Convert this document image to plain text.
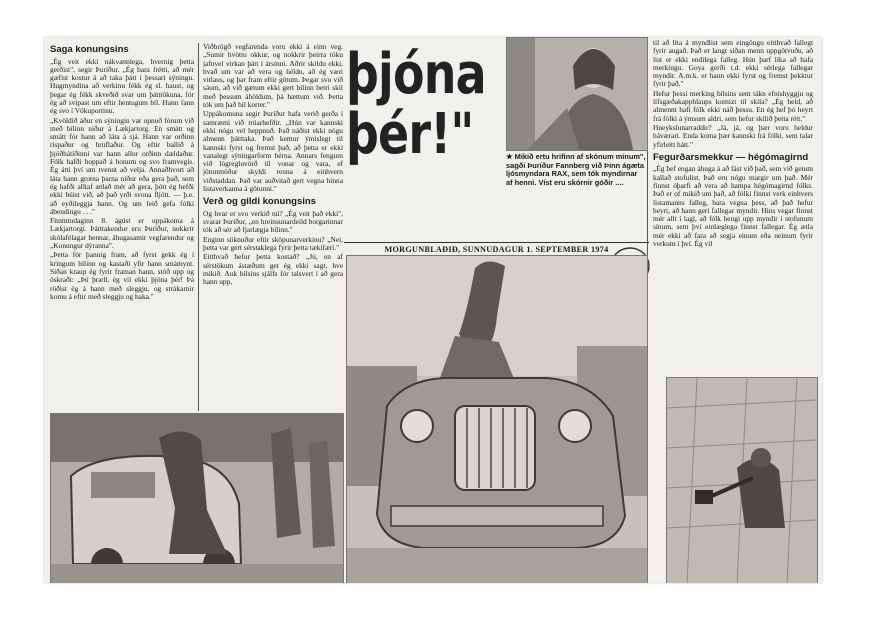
Saga konungsins

„Ég veit ekki nákvæmlega, hvernig þetta gerðist", segir Þuríður. „Ég bara frétti, að mér gæfist kostur á að taka þátt í þessari sýningu. Hugmyndina að verkinu fékk ég sl. haust, og þegar ég fékk skveðið svar um þátttökuna, fór ég að svipast um eftir hentugum bíl. Hann fann ég svo í Vökuportinu.

„Kvöldið áður en sýningin var opnuð fórum við með bílinn niður á Lækjartorg. En smátt og smátt fór hann að láta á sjá. Hann var orðinn rispaður og hruflaður. Og eftir ballið á þjóðhátíðinni var hann allur orðinn dældaður. Fólk hafði hoppað á honum og svo framvegis. Ég átti því um tvennt að velja. Annaðhvort að láta hann grotna þarna niður eða gera það, sem ég hafði alltaf ætlað mér að gera, þótt ég hefði ekki búist við, að það yrði svona fljótt. — þ.e. að eyðileggja hann. Og um leið gefa fólki ábendingu . . ."

Fimmtudaginn 8. ágúst er uppákoma á Lækjartorgi. Þátttakendur eru Þuríður, nokkrir skólafélagar hennar, áhugasamir vegfarendur og „Konungur dýranna".

„Þetta fór þannig fram, að fyrst gekk ég í kringum bílinn og kastaði yfir hann smámynt. Síðan kraup ég fyrir framan hann, stóð upp og öskraði: „Þú þræll, ég vil ekki þjóna þér! Þá röðist ég á hann með sleggju, og strákarnir komu á eftir með sleggju og haka."

Viðbrögð vegfarenda voru ekki á einn veg. „Sumir hvöttu okkur, og nokkrir þeirra tóku jafnvel virkan þátt í ársinni. Aðrir skildu ekki, hvað um var að vera og héldu, að ég væri vitlaus, og þar fram eftir götum. Þegar svo við sáum, að við gætum ekki gert bílinn betri skil með þessum áhöldum, þá hættum við. Þetta tók um það bil korter."

Uppákomuna segir Þuríður hafa verið gerða í samræmi við trúarhefðir. „Hún var kannski ekki nógu vel heppnuð. Það náðist ekki nógu almenn þátttaka. Það kemur ýmislegt til kannski fyrst og fremst það, að þetta er ekki vanalegt sýningarform hérna. Annars fengum við lögregluvörð til vonar og vara, ef jötunmóður skyldi renna á einhvern viðstaddan. Það var auðvitað gert vegna hinna listaverkanna á götunni."

Verð og gildi konungsins

Og hvar er svo verkið nú? „Ég veit það ekki", svarar Þuríður, „en hreinsunardeild borgarinnar tók að sér að fjarlægja bílinn."

Enginn söknuður eftir sköpunarverkinu? „Nei, þetta var gert sérstaklega fyrir þetta tækifæri."

Eitthvað hefur þetta kostað? „Jú, en af sérstökum ástæðum get ég ekki sagt, hve mikið. Auk bílsins sjálfs fór talsvert í að gera hann upp,

þjóna
þér!"	★ Mikið ertu hrifinn af skónum mínum", sagði Þuríður Fannberg við Þinn ágæta ljósmyndara RAX, sem tók myndirnar af henni. Víst eru skórnir góðir ....
MORGUNBLAÐIÐ, SUNNUDAGUR 1. SEPTEMBER 1974

til að líta á myndlist sem eingöngu eitthvað fallegt fyrir augað. Það er langt síðan menn uppgötvuðu, að list er ekki endilega falleg. Hún þarf líka að hafa merkingu. Goya gerði t.d. ekki sérlega fallegar myndir. A.m.k. er hann ekki fyrst og fremst þekktur fyrir það."

Hefur þessi merking bílsins sem tákn efnishyggju og lífsgæðakapphlaups komizt til skila? „Ég held, að almennt hafi fólk ekki náð þessu. En ég hef þó heyrt frá fólki á ýmsum aldri, sem hefur skilið þetta rétt."

Hneykslunarraddir? „Já, já, og þær voru heldur háværari. Enda koma þær kannski frá fólki, sem talar yfirleitt hátt."

Fegurðarsmekkur — hégómagirnd

„Ég hef engan áhuga á að fást við það, sem við getum kallað stofulist. Það eru nógu margir um það. Mér finnst óþarfi að vera að hampa hégómagirnd fólks. Það er of mikið um það, að fólki finnst verk einhvers listamanns falleg, bara vegna þess, að það hefur heyrt, að hann geri fallegar myndir. Hins vegar finnst mér allt í lagi, að fólk hengi upp myndir í stofunum sínum, sem því einlæglega finnst fallegar. Ég ætla mér ekki að fara að segja einum eða neinum fyrir verkum í því. Ég vil
